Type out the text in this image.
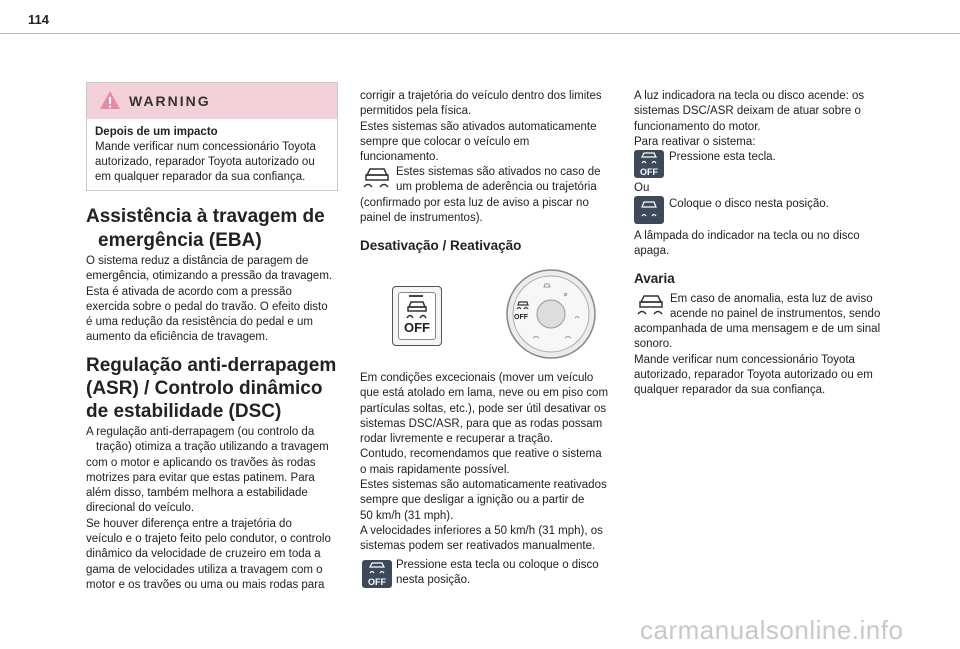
114
WARNING
Depois de um impacto
Mande verificar num concessionário Toyota autorizado, reparador Toyota autorizado ou em qualquer reparador da sua confiança.
Assistência à travagem de
emergência (EBA)

O sistema reduz a distância de paragem de

emergência, otimizando a pressão da travagem.

Esta é ativada de acordo com a pressão

exercida sobre o pedal do travão. O efeito disto

é uma redução da resistência do pedal e um

aumento da eficiência de travagem.

Regulação anti-derrapagem
(ASR) / Controlo dinâmico
de estabilidade (DSC)

A regulação anti-derrapagem (ou controlo da

tração) otimiza a tração utilizando a travagem

com o motor e aplicando os travões às rodas

motrizes para evitar que estas patinem. Para

além disso, também melhora a estabilidade

direcional do veículo.

Se houver diferença entre a trajetória do

veículo e o trajeto feito pelo condutor, o controlo

dinâmico da velocidade de cruzeiro em toda a

gama de velocidades utiliza a travagem com o

motor e os travões ou uma ou mais rodas para

corrigir a trajetória do veículo dentro dos limites

permitidos pela física.

Estes sistemas são ativados automaticamente

sempre que colocar o veículo em

funcionamento.

Estes sistemas são ativados no caso de

um problema de aderência ou trajetória

(confirmado por esta luz de aviso a piscar no

painel de instrumentos).

Desativação / Reativação
OFF
OFF

Em condições excecionais (mover um veículo

que está atolado em lama, neve ou em piso com

partículas soltas, etc.), pode ser útil desativar os

sistemas DSC/ASR, para que as rodas possam

rodar livremente e recuperar a tração.

Contudo, recomendamos que reative o sistema

o mais rapidamente possível.

Estes sistemas são automaticamente reativados

sempre que desligar a ignição ou a partir de

50 km/h (31 mph).

A velocidades inferiores a 50 km/h (31 mph), os

sistemas podem ser reativados manualmente.

OFF

Pressione esta tecla ou coloque o disco

nesta posição.

A luz indicadora na tecla ou disco acende: os

sistemas DSC/ASR deixam de atuar sobre o

funcionamento do motor.

Para reativar o sistema:

OFF
Pressione esta tecla.
Ou
Coloque o disco nesta posição.

A lâmpada do indicador na tecla ou no disco

apaga.

Avaria

Em caso de anomalia, esta luz de aviso

acende no painel de instrumentos, sendo

acompanhada de uma mensagem e de um sinal

sonoro.

Mande verificar num concessionário Toyota

autorizado, reparador Toyota autorizado ou em

qualquer reparador da sua confiança.

carmanualsonline.info
